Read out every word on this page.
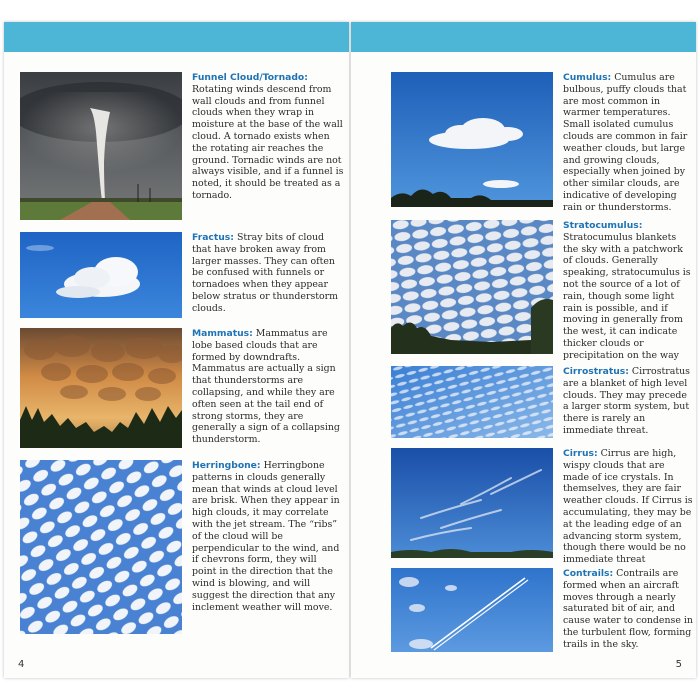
Funnel Cloud/Tornado: Rotating winds descend from wall clouds and from funnel clouds when they wrap in moisture at the base of the wall cloud. A tornado exists when the rotating air reaches the ground. Tornadic winds are not always visible, and if a funnel is noted, it should be treated as a tornado.
Fractus: Stray bits of cloud that have broken away from larger masses. They can often be confused with funnels or tornadoes when they appear below stratus or thunderstorm clouds.
Mammatus: Mammatus are lobe based clouds that are formed by downdrafts. Mammatus are actually a sign that thunderstorms are collapsing, and while they are often seen at the tail end of strong storms, they are generally a sign of a collapsing thunderstorm.
Herringbone: Herringbone patterns in clouds generally mean that winds at cloud level are brisk. When they appear in high clouds, it may correlate with the jet stream. The “ribs” of the cloud will be perpendicular to the wind, and if chevrons form, they will point in the direction that the wind is blowing, and will suggest the direction that any inclement weather will move.
4
Cumulus: Cumulus are bulbous, puffy clouds that are most common in warmer temperatures. Small isolated cumulus clouds are common in fair weather clouds, but large and growing clouds, especially when joined by other similar clouds, are indicative of developing rain or thunderstorms.
Stratocumulus: Stratocumulus blankets the sky with a patchwork of clouds. Generally speaking, stratocumulus is not the source of a lot of rain, though some light rain is possible, and if moving in generally from the west, it can indicate thicker clouds or precipitation on the way
Cirrostratus: Cirrostratus are a blanket of high level clouds. They may precede a larger storm system, but there is rarely an immediate threat.
Cirrus: Cirrus are high, wispy clouds that are made of ice crystals. In themselves, they are fair weather clouds. If Cirrus is accumulating, they may be at the leading edge of an advancing storm system, though there would be no immediate threat
Contrails: Contrails are formed when an aircraft moves through a nearly saturated bit of air, and cause water to condense in the turbulent flow, forming trails in the sky.
5
